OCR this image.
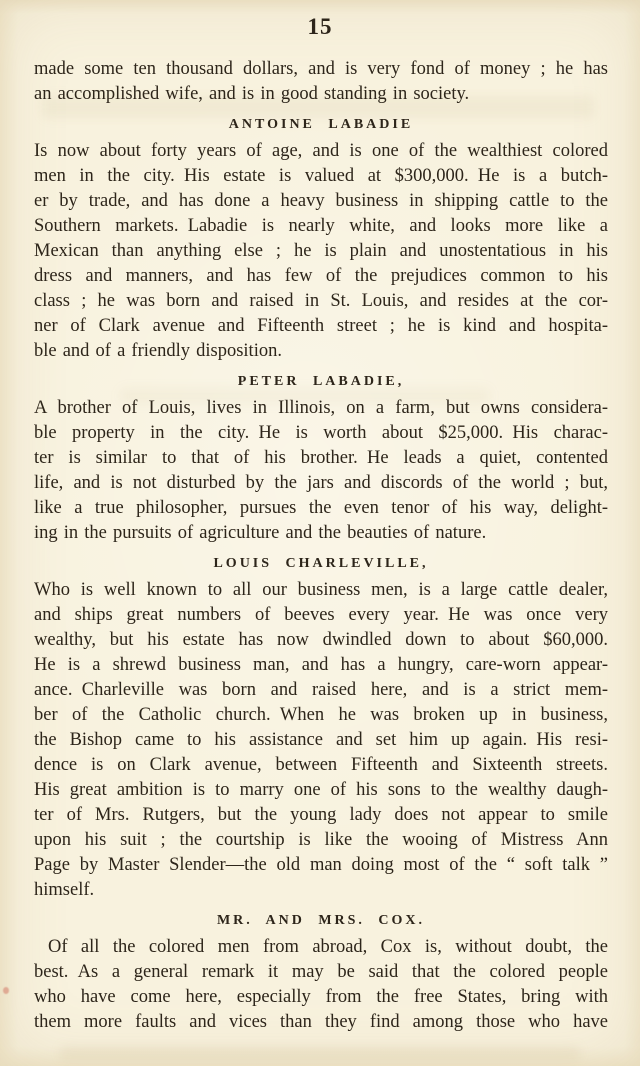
15
made some ten thousand dollars, and is very fond of money ; he has
an accomplished wife, and is in good standing in society.
ANTOINE LABADIE
Is now about forty years of age, and is one of the wealthiest colored
men in the city. His estate is valued at $300,000. He is a butch-
er by trade, and has done a heavy business in shipping cattle to the
Southern markets. Labadie is nearly white, and looks more like a
Mexican than anything else ; he is plain and unostentatious in his
dress and manners, and has few of the prejudices common to his
class ; he was born and raised in St. Louis, and resides at the cor-
ner of Clark avenue and Fifteenth street ; he is kind and hospita-
ble and of a friendly disposition.
PETER LABADIE,
A brother of Louis, lives in Illinois, on a farm, but owns considera-
ble property in the city. He is worth about $25,000. His charac-
ter is similar to that of his brother. He leads a quiet, contented
life, and is not disturbed by the jars and discords of the world ; but,
like a true philosopher, pursues the even tenor of his way, delight-
ing in the pursuits of agriculture and the beauties of nature.
LOUIS CHARLEVILLE,
Who is well known to all our business men, is a large cattle dealer,
and ships great numbers of beeves every year. He was once very
wealthy, but his estate has now dwindled down to about $60,000.
He is a shrewd business man, and has a hungry, care-worn appear-
ance. Charleville was born and raised here, and is a strict mem-
ber of the Catholic church. When he was broken up in business,
the Bishop came to his assistance and set him up again. His resi-
dence is on Clark avenue, between Fifteenth and Sixteenth streets.
His great ambition is to marry one of his sons to the wealthy daugh-
ter of Mrs. Rutgers, but the young lady does not appear to smile
upon his suit ; the courtship is like the wooing of Mistress Ann
Page by Master Slender—the old man doing most of the “ soft talk ”
himself.
MR. AND MRS. COX.
Of all the colored men from abroad, Cox is, without doubt, the
best. As a general remark it may be said that the colored people
who have come here, especially from the free States, bring with
them more faults and vices than they find among those who have
